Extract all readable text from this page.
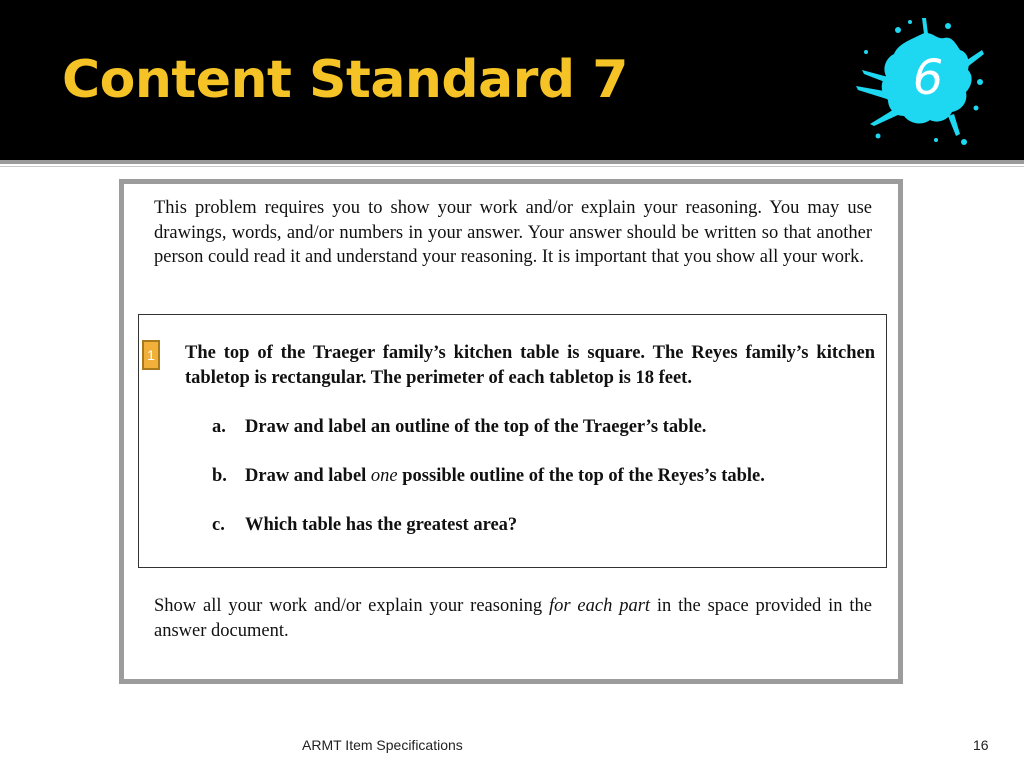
Content Standard 7	6
This problem requires you to show your work and/or explain your reasoning. You may use drawings, words, and/or numbers in your answer. Your answer should be written so that another person could read it and understand your reasoning. It is important that you show all your work.
1 The top of the Traeger family’s kitchen table is square. The Reyes family’s kitchen tabletop is rectangular. The perimeter of each tabletop is 18 feet.
a. Draw and label an outline of the top of the Traeger’s table.
b. Draw and label one possible outline of the top of the Reyes’s table.
c. Which table has the greatest area?
Show all your work and/or explain your reasoning for each part in the space provided in the answer document.
ARMT Item Specifications	16
